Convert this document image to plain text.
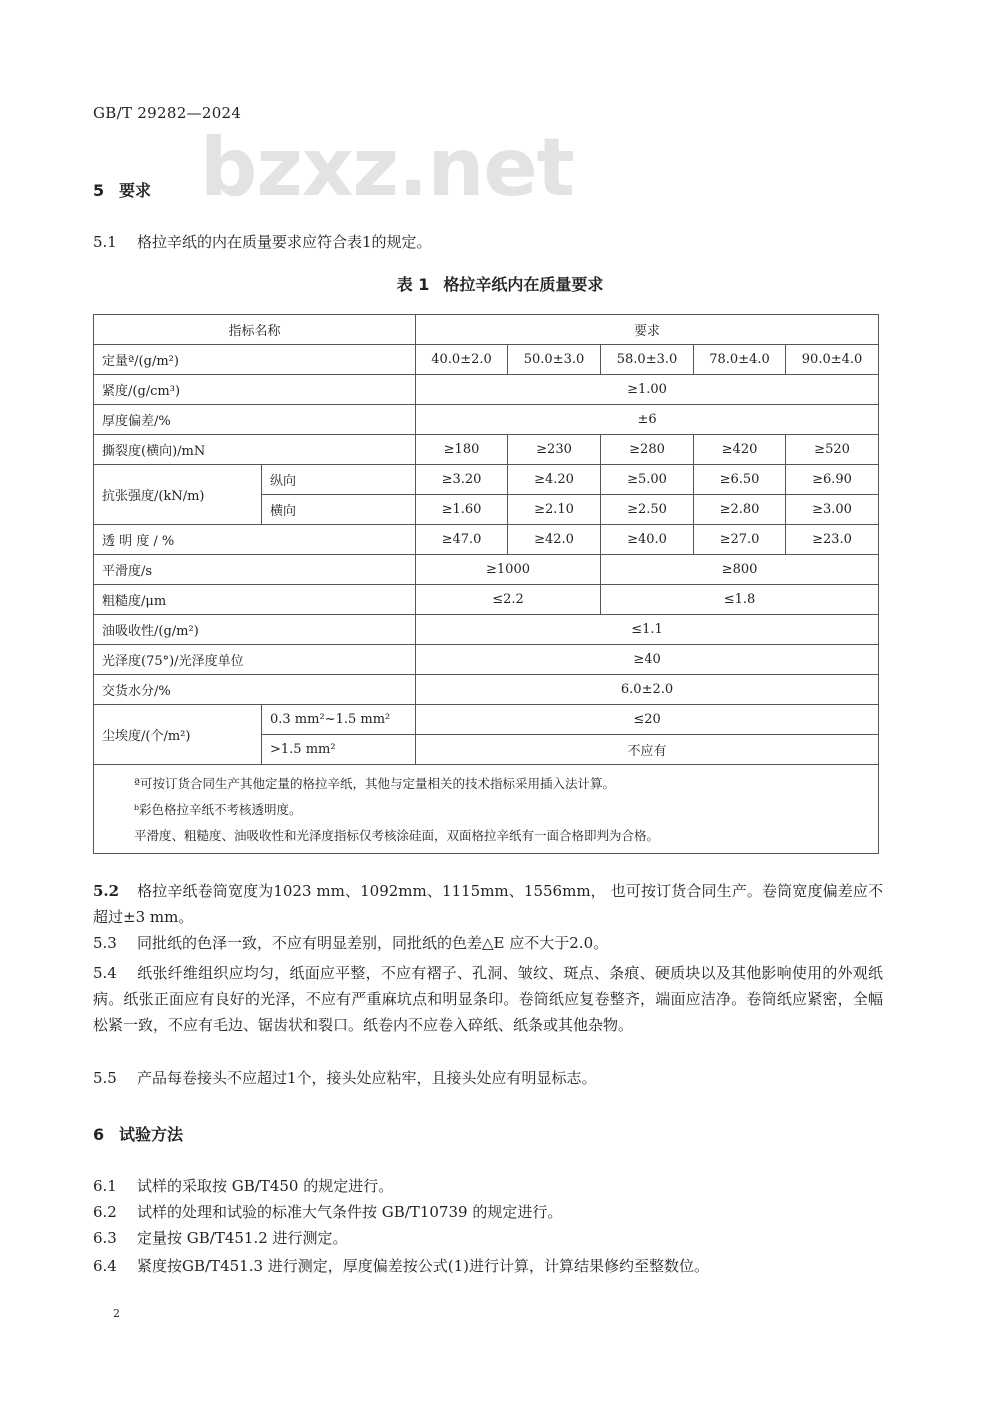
GB/T 29282—2024
bzxz.net
5 要求
5.1 格拉辛纸的内在质量要求应符合表1的规定。
表 1 格拉辛纸内在质量要求
指标名称		要求				
定量ª/(g/m²)		40.0±2.0	50.0±3.0	58.0±3.0	78.0±4.0	90.0±4.0
紧度/(g/cm³)		≥1.00				
厚度偏差/%		±6				
撕裂度(横向)/mN		≥180	≥230	≥280	≥420	≥520
抗张强度/(kN/m)	纵向	≥3.20	≥4.20	≥5.00	≥6.50	≥6.90
	横向	≥1.60	≥2.10	≥2.50	≥2.80	≥3.00
透 明 度 / %		≥47.0	≥42.0	≥40.0	≥27.0	≥23.0
平滑度/s		≥1000		≥800		
粗糙度/μm		≤2.2		≤1.8		
油吸收性/(g/m²)		≤1.1				
光泽度(75°)/光泽度单位		≥40				
交货水分/%		6.0±2.0				
尘埃度/(个/m²)	0.3 mm²~1.5 mm²	≤20				
	>1.5 mm²	不应有				

ª可按订货合同生产其他定量的格拉辛纸，其他与定量相关的技术指标采用插入法计算。
ᵇ彩色格拉辛纸不考核透明度。
平滑度、粗糙度、油吸收性和光泽度指标仅考核涂硅面，双面格拉辛纸有一面合格即判为合格。						
5.2 格拉辛纸卷筒宽度为1023 mm、1092mm、1115mm、1556mm， 也可按订货合同生产。卷筒宽度偏差应不超过±3 mm。
5.3 同批纸的色泽一致，不应有明显差别，同批纸的色差△E 应不大于2.0。
5.4 纸张纤维组织应均匀，纸面应平整，不应有褶子、孔洞、皱纹、斑点、条痕、硬质块以及其他影响使用的外观纸病。纸张正面应有良好的光泽，不应有严重麻坑点和明显条印。卷筒纸应复卷整齐，端面应洁净。卷筒纸应紧密，全幅松紧一致，不应有毛边、锯齿状和裂口。纸卷内不应卷入碎纸、纸条或其他杂物。
5.5 产品每卷接头不应超过1个，接头处应粘牢，且接头处应有明显标志。
6 试验方法
6.1 试样的采取按 GB/T450 的规定进行。
6.2 试样的处理和试验的标准大气条件按 GB/T10739 的规定进行。
6.3 定量按 GB/T451.2 进行测定。
6.4 紧度按GB/T451.3 进行测定，厚度偏差按公式(1)进行计算，计算结果修约至整数位。
2
